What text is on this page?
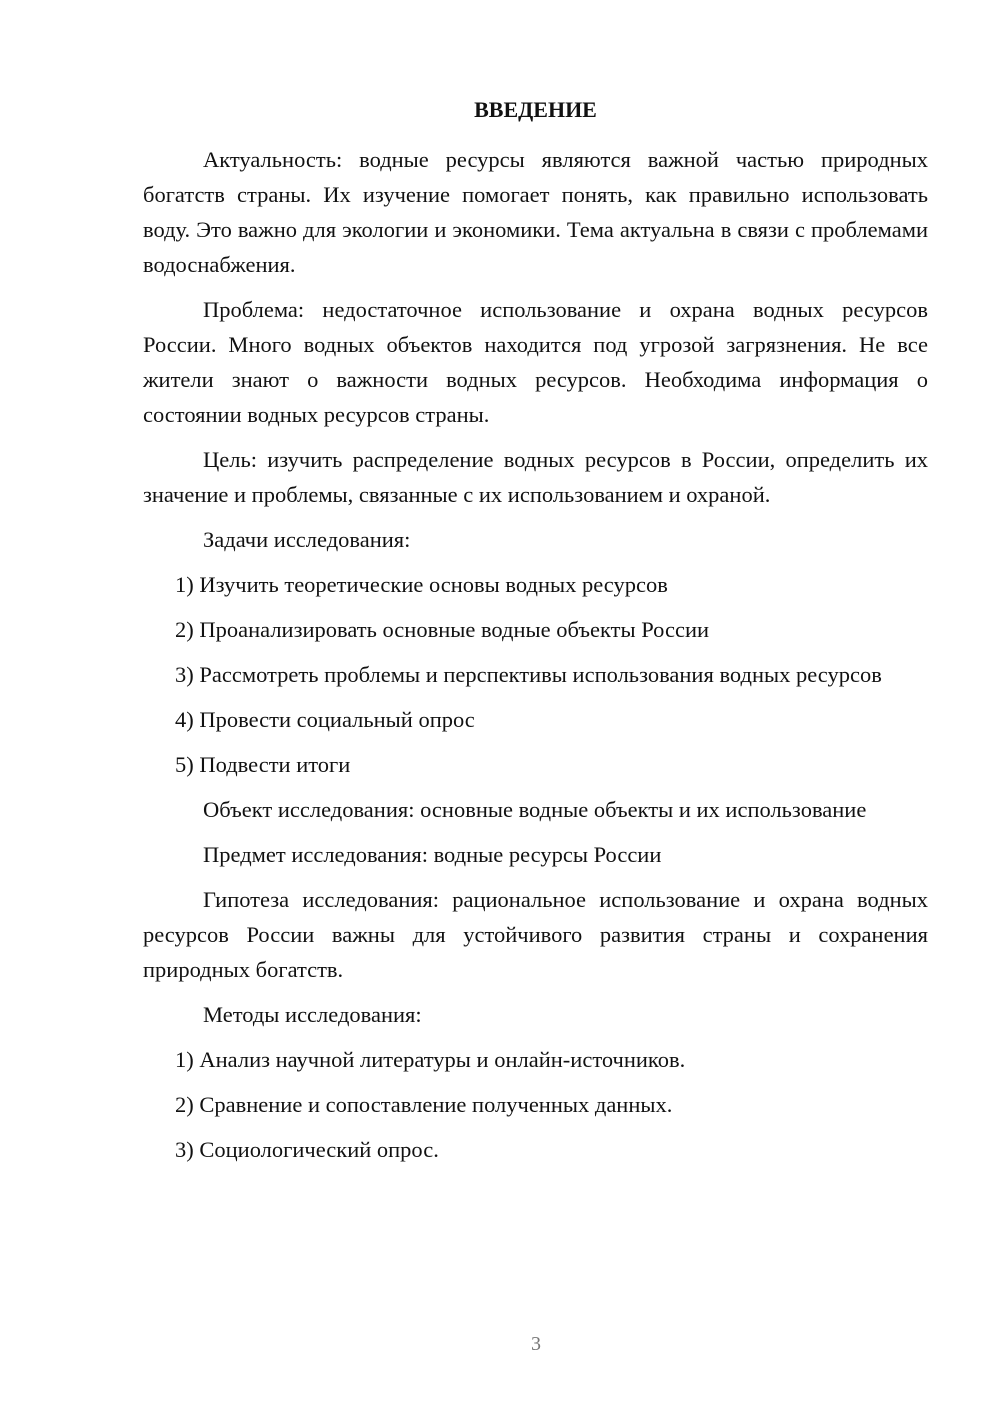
ВВЕДЕНИЕ
Актуальность: водные ресурсы являются важной частью природных богатств страны. Их изучение помогает понять, как правильно использовать воду. Это важно для экологии и экономики. Тема актуальна в связи с проблемами водоснабжения.
Проблема: недостаточное использование и охрана водных ресурсов России. Много водных объектов находится под угрозой загрязнения. Не все жители знают о важности водных ресурсов. Необходима информация о состоянии водных ресурсов страны.
Цель: изучить распределение водных ресурсов в России, определить их значение и проблемы, связанные с их использованием и охраной.
Задачи исследования:
1) Изучить теоретические основы водных ресурсов
2) Проанализировать основные водные объекты России
3) Рассмотреть проблемы и перспективы использования водных ресурсов
4) Провести социальный опрос
5) Подвести итоги
Объект исследования: основные водные объекты и их использование
Предмет исследования: водные ресурсы России
Гипотеза исследования: рациональное использование и охрана водных ресурсов России важны для устойчивого развития страны и сохранения природных богатств.
Методы исследования:
1) Анализ научной литературы и онлайн-источников.
2) Сравнение и сопоставление полученных данных.
3) Социологический опрос.
3
